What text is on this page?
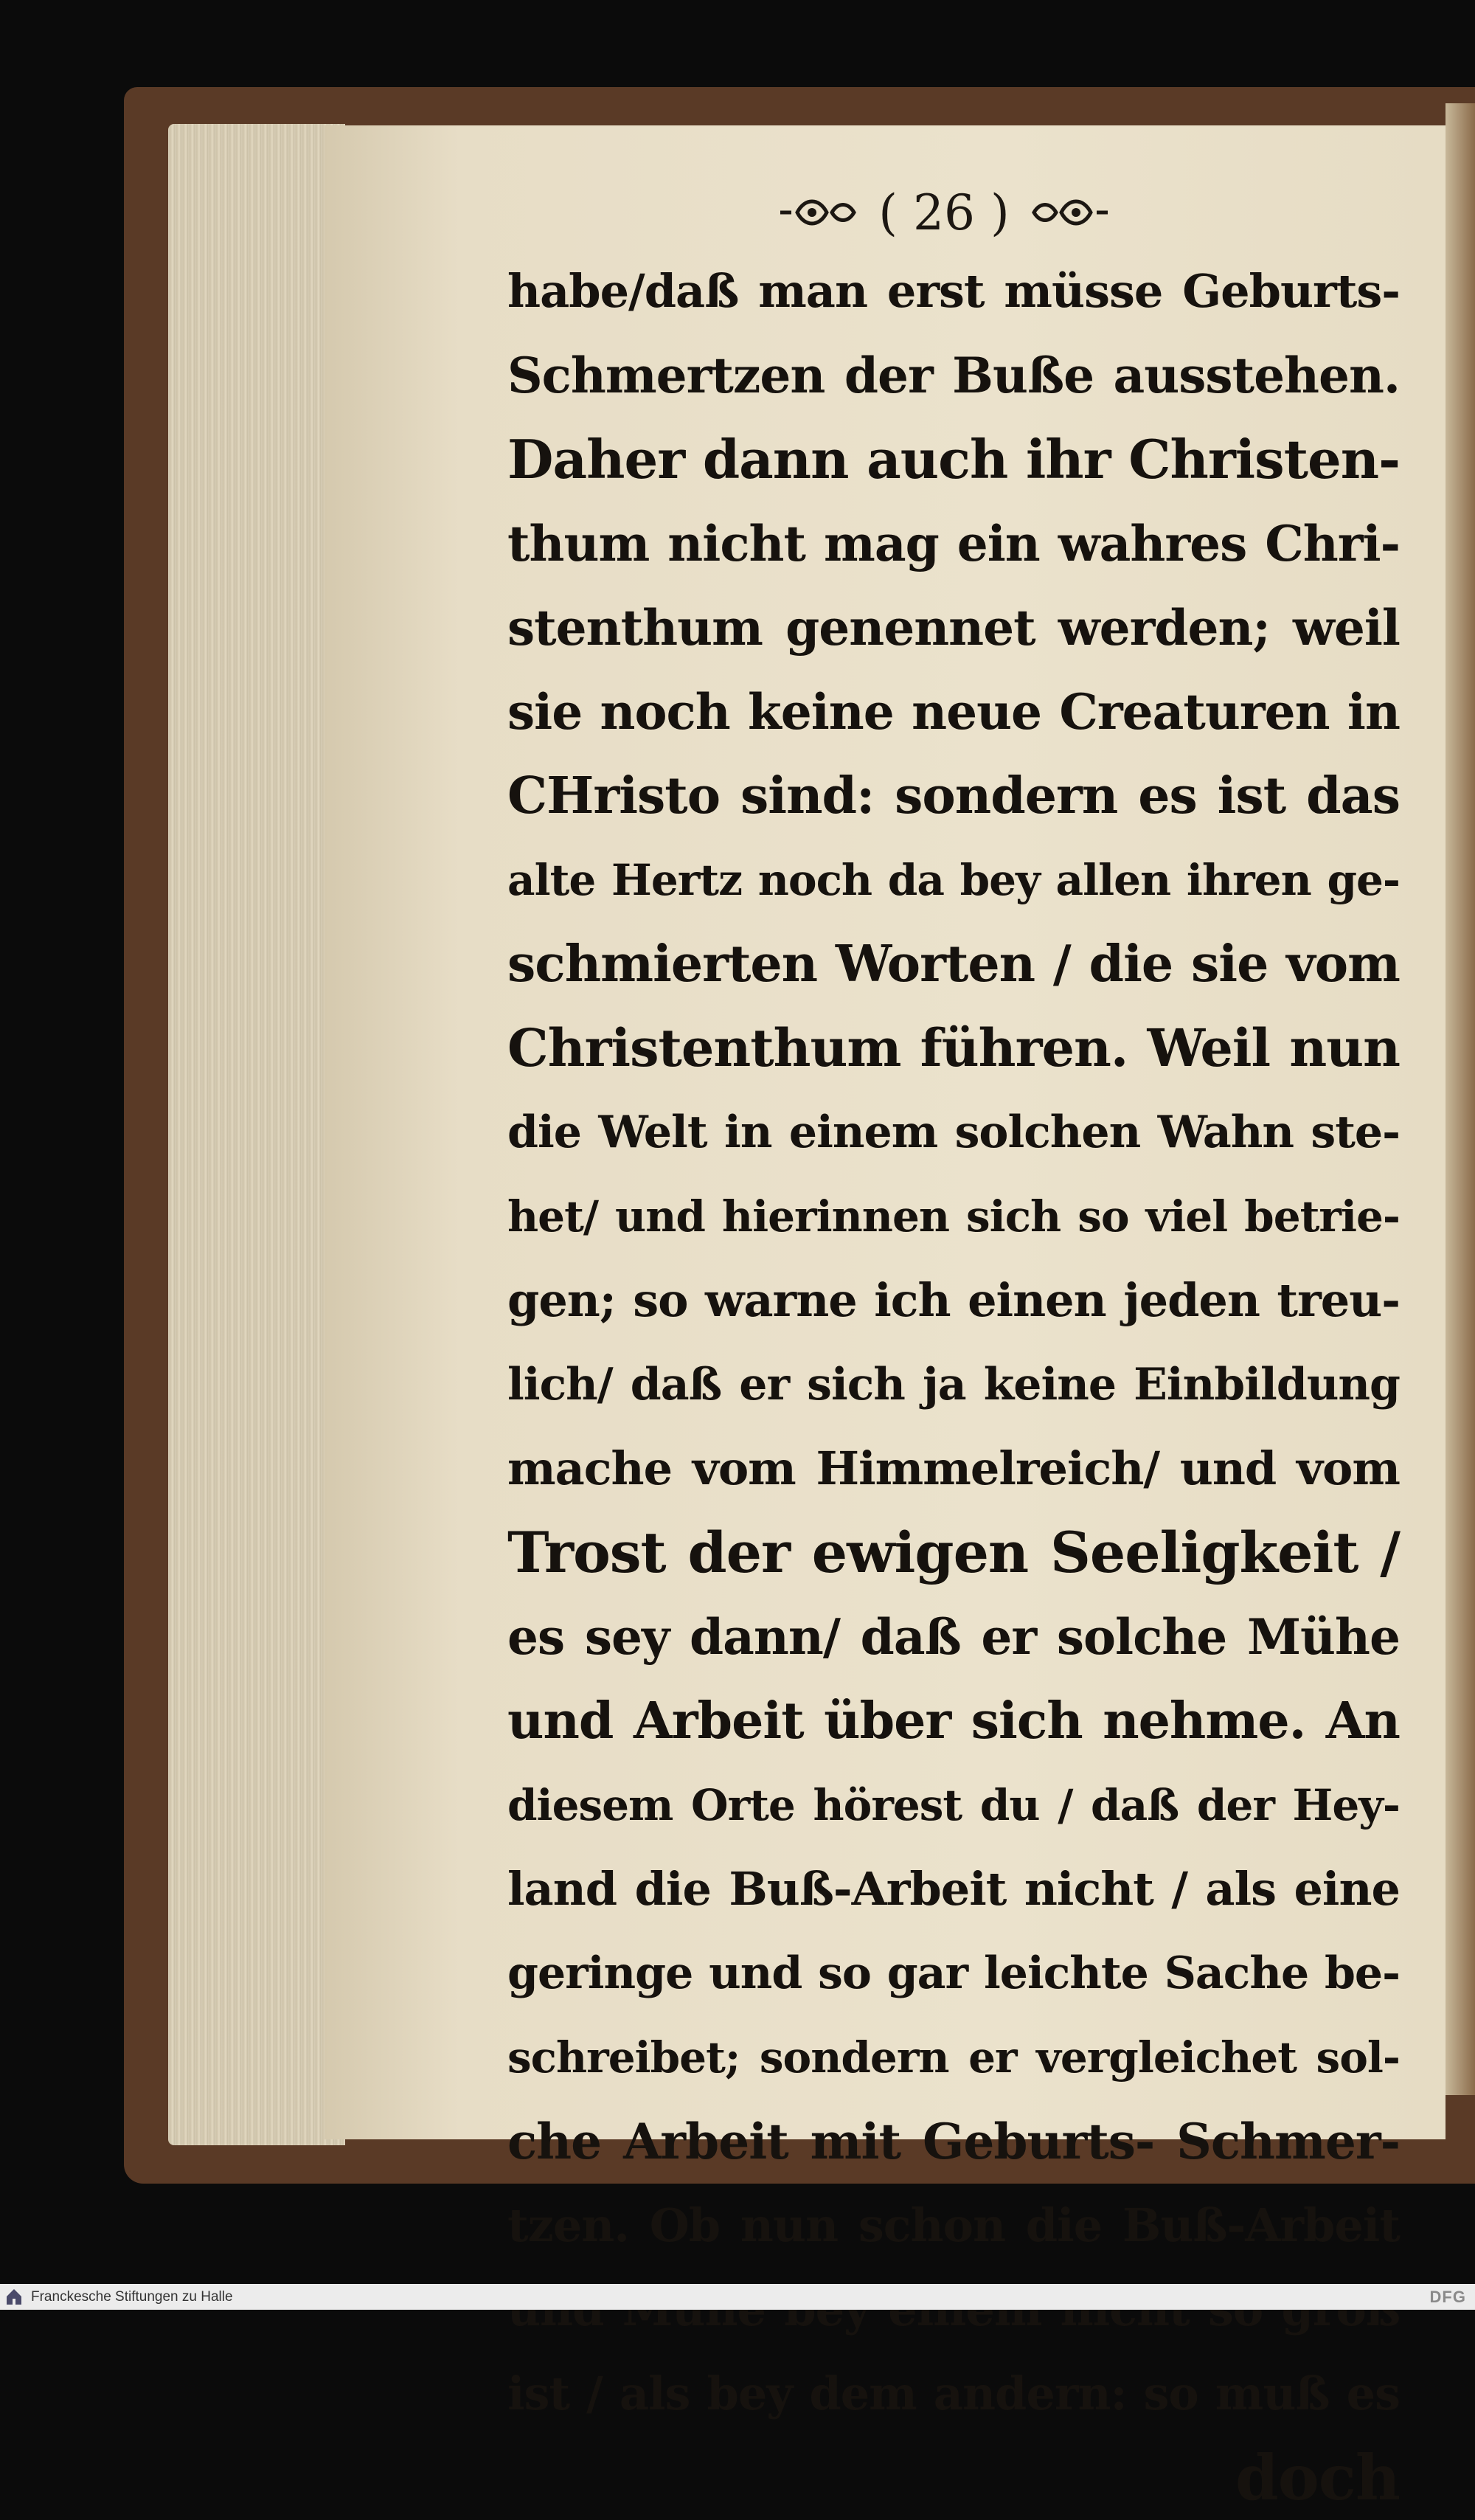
( 26 )
habe/daß man erst müsse Geburts-
Schmertzen der Buße ausstehen.
Daher dann auch ihr Christen-
thum nicht mag ein wahres Chri-
stenthum genennet werden; weil
sie noch keine neue Creaturen in
CHristo sind: sondern es ist das
alte Hertz noch da bey allen ihren ge-
schmierten Worten / die sie vom
Christenthum führen. Weil nun
die Welt in einem solchen Wahn ste-
het/ und hierinnen sich so viel betrie-
gen; so warne ich einen jeden treu-
lich/ daß er sich ja keine Einbildung
mache vom Himmelreich/ und vom
Trost der ewigen Seeligkeit /
es sey dann/ daß er solche Mühe
und Arbeit über sich nehme. An
diesem Orte hörest du / daß der Hey-
land die Buß-Arbeit nicht / als eine
geringe und so gar leichte Sache be-
schreibet; sondern er vergleichet sol-
che Arbeit mit Geburts- Schmer-
tzen. Ob nun schon die Buß-Arbeit
ist / als bey dem andern: so muß es
doch
Franckesche Stiftungen zu Halle	DFG
